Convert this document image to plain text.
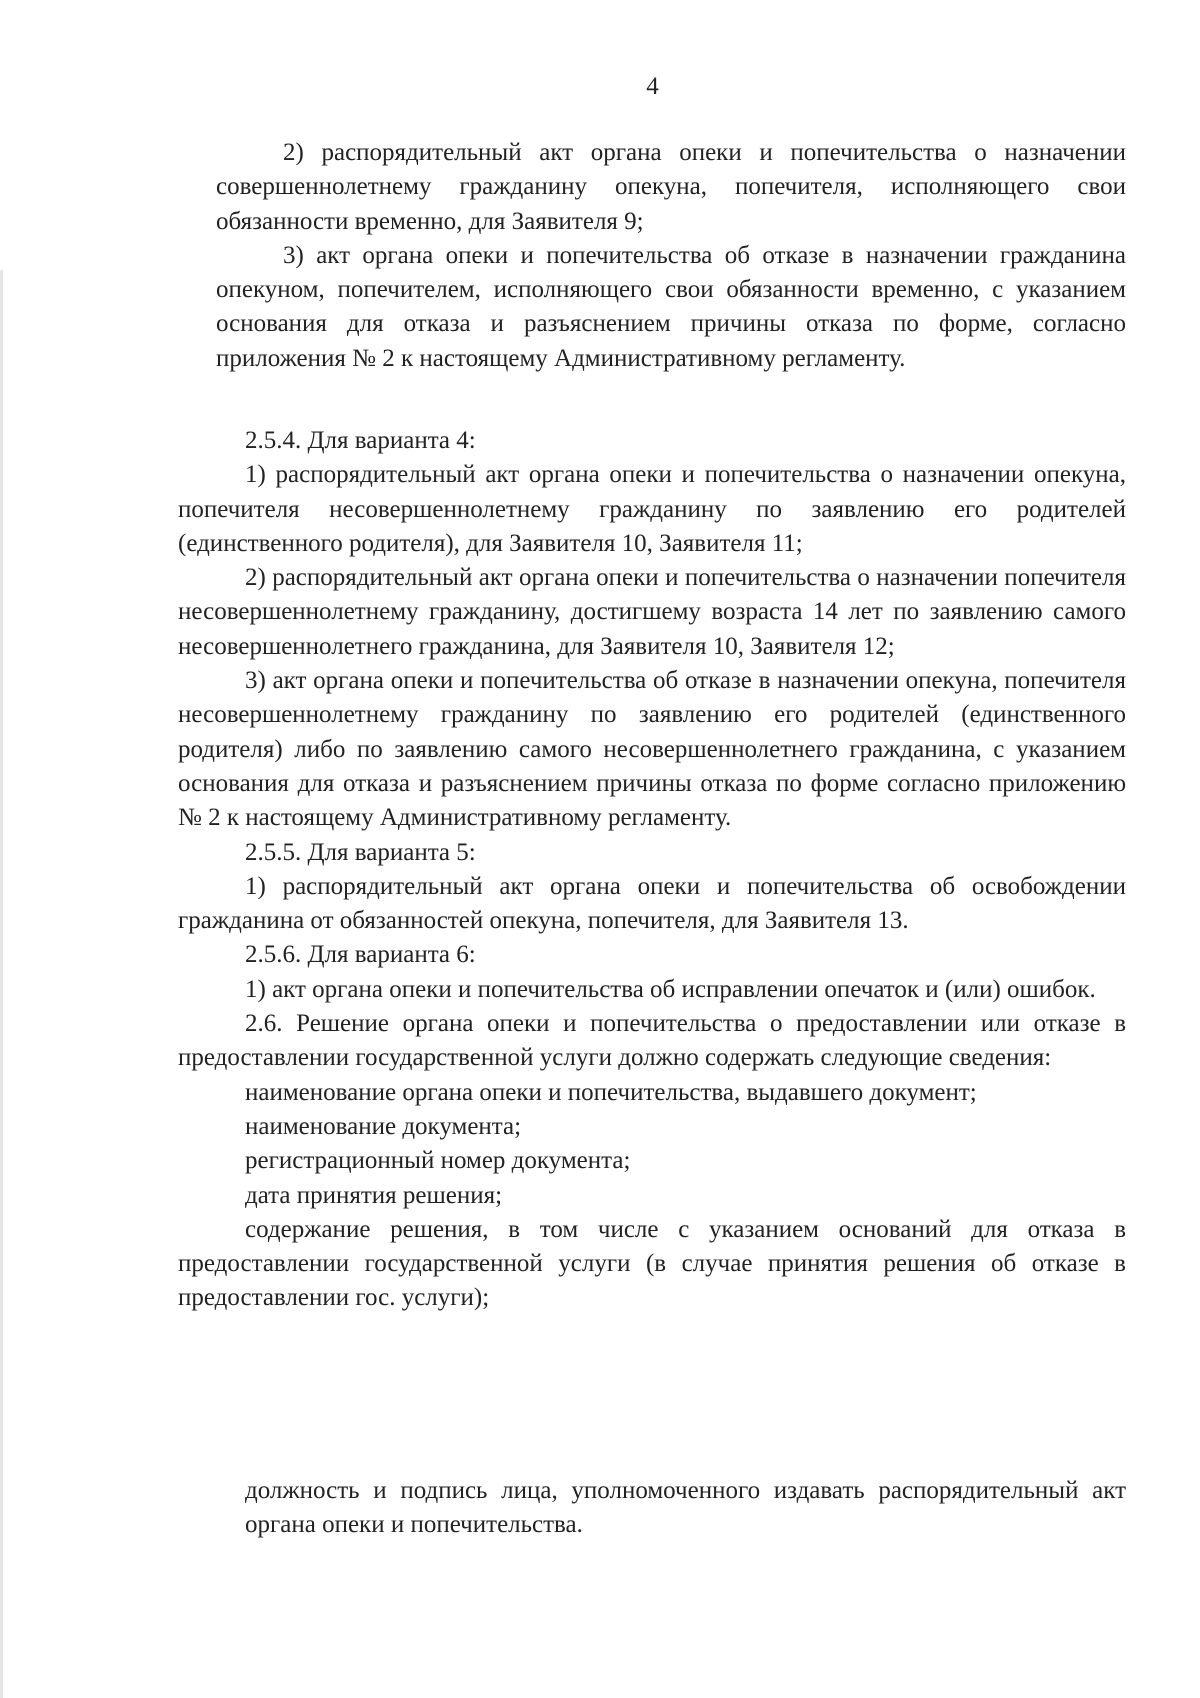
4

2) распорядительный акт органа опеки и попечительства о назначении совершеннолетнему гражданину опекуна, попечителя, исполняющего свои обязанности временно, для Заявителя 9;

3) акт органа опеки и попечительства об отказе в назначении гражданина опекуном, попечителем, исполняющего свои обязанности временно, с указанием основания для отказа и разъяснением причины отказа по форме, согласно приложения № 2 к настоящему Административному регламенту.

2.5.4. Для варианта 4:

1) распорядительный акт органа опеки и попечительства о назначении опекуна, попечителя несовершеннолетнему гражданину по заявлению его родителей (единственного родителя), для Заявителя 10, Заявителя 11;

2) распорядительный акт органа опеки и попечительства о назначении попечителя несовершеннолетнему гражданину, достигшему возраста 14 лет по заявлению самого несовершеннолетнего гражданина, для Заявителя 10, Заявителя 12;

3) акт органа опеки и попечительства об отказе в назначении опекуна, попечителя несовершеннолетнему гражданину по заявлению его родителей (единственного родителя) либо по заявлению самого несовершеннолетнего гражданина, с указанием основания для отказа и разъяснением причины отказа по форме согласно приложению № 2 к настоящему Административному регламенту.

2.5.5. Для варианта 5:

1) распорядительный акт органа опеки и попечительства об освобождении гражданина от обязанностей опекуна, попечителя, для Заявителя 13.

2.5.6. Для варианта 6:

1) акт органа опеки и попечительства об исправлении опечаток и (или) ошибок.

2.6. Решение органа опеки и попечительства о предоставлении или отказе в предоставлении государственной услуги должно содержать следующие сведения:

наименование органа опеки и попечительства, выдавшего документ;

наименование документа;

регистрационный номер документа;

дата принятия решения;

содержание решения, в том числе с указанием оснований для отказа в предоставлении государственной услуги (в случае принятия решения об отказе в предоставлении гос. услуги);

должность и подпись лица, уполномоченного издавать распорядительный акт органа опеки и попечительства.
